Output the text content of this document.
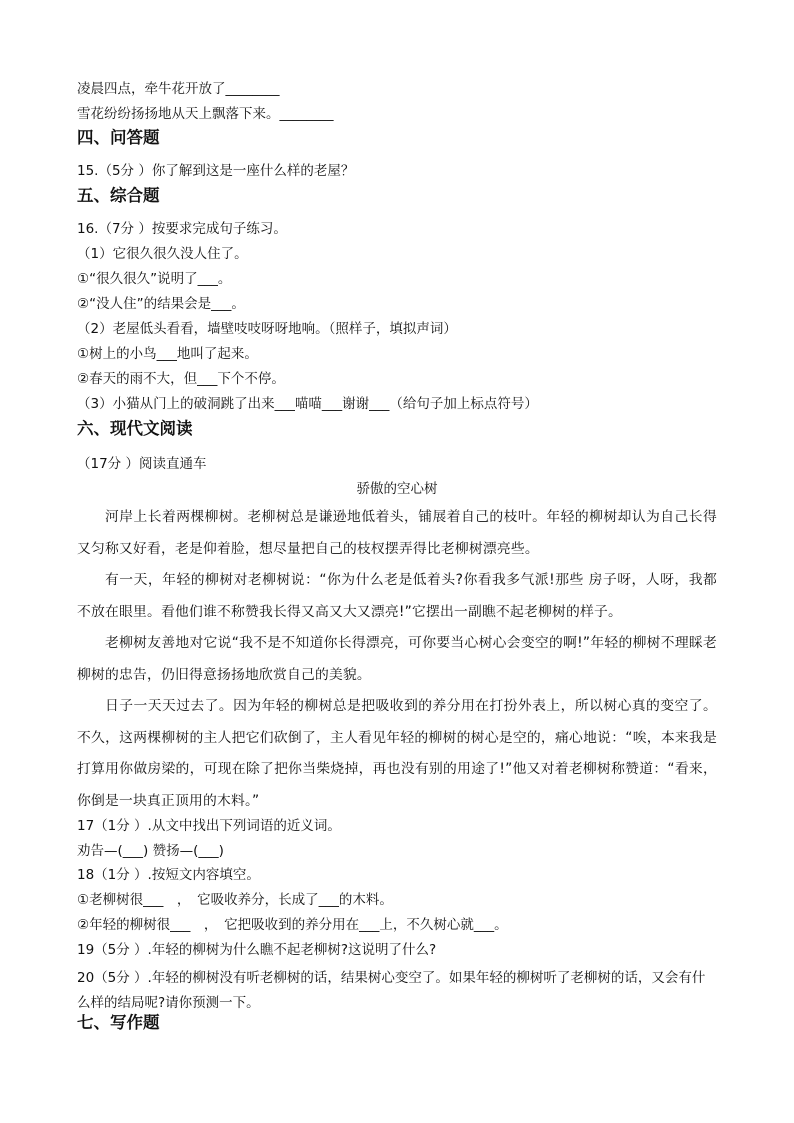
凌晨四点，牵牛花开放了________
雪花纷纷扬扬地从天上飘落下来。________
四、问答题
15.（5分 ）你了解到这是一座什么样的老屋？
五、综合题
16.（7分 ）按要求完成句子练习。
（1）它很久很久没人住了。
①“很久很久”说明了___。
②“没人住”的结果会是___。
（2）老屋低头看看，墙壁吱吱呀呀地响。（照样子，填拟声词）
①树上的小鸟___地叫了起来。
②春天的雨不大，但___下个不停。
（3）小猫从门上的破洞跳了出来___喵喵___谢谢___（给句子加上标点符号）
六、现代文阅读
（17分 ）阅读直通车
骄傲的空心树
河岸上长着两棵柳树。老柳树总是谦逊地低着头，铺展着自己的枝叶。年轻的柳树却认为自己长得又匀称又好看，老是仰着脸，想尽量把自己的枝杈摆弄得比老柳树漂亮些。
有一天，年轻的柳树对老柳树说：“你为什么老是低着头?你看我多气派!那些 房子呀，人呀，我都不放在眼里。看他们谁不称赞我长得又高又大又漂亮!”它摆出一副瞧不起老柳树的样子。
老柳树友善地对它说“我不是不知道你长得漂亮，可你要当心树心会变空的啊!”年轻的柳树不理睬老柳树的忠告，仍旧得意扬扬地欣赏自己的美貌。
日子一天天过去了。因为年轻的柳树总是把吸收到的养分用在打扮外表上，所以树心真的变空了。不久，这两棵柳树的主人把它们砍倒了，主人看见年轻的柳树的树心是空的，痛心地说：“唉，本来我是打算用你做房梁的，可现在除了把你当柴烧掉，再也没有别的用途了!”他又对着老柳树称赞道：“看来，你倒是一块真正顶用的木料。”
17（1分 ）.从文中找出下列词语的近义词。
劝告—(___) 赞扬—(___)
18（1分 ）.按短文内容填空。
①老柳树很___　，　它吸收养分，长成了___的木料。
②年轻的柳树很___　，　它把吸收到的养分用在___上，不久树心就___。
19（5分 ）.年轻的柳树为什么瞧不起老柳树?这说明了什么?
20（5分 ）.年轻的柳树没有听老柳树的话，结果树心变空了。如果年轻的柳树听了老柳树的话，又会有什么样的结局呢?请你预测一下。
七、写作题
